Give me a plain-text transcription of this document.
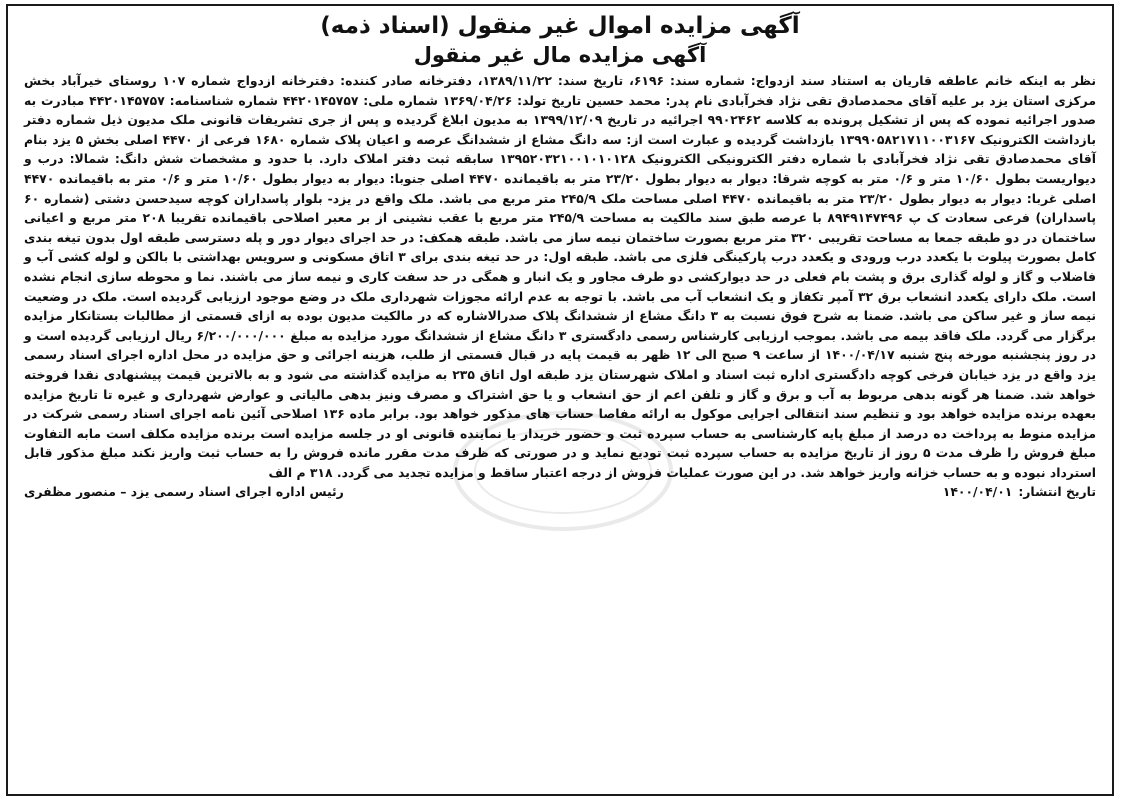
آگهی مزایده اموال غیر منقول (اسناد ذمه)
آگهی مزایده مال غیر منقول

نظر به اینکه خانم عاطفه قاریان به استناد سند ازدواج: شماره سند: ۶۱۹۶، تاریخ سند: ۱۳۸۹/۱۱/۲۲، دفترخانه صادر کننده: دفترخانه ازدواج شماره ۱۰۷ روستای خیرآباد بخش مرکزی استان یزد بر علیه آقای محمدصادق تقی نژاد فخرآبادی نام پدر: محمد حسین تاریخ تولد: ۱۳۶۹/۰۴/۲۶ شماره ملی: ۴۴۲۰۱۴۵۷۵۷ شماره شناسنامه: ۴۴۲۰۱۴۵۷۵۷ مبادرت به صدور اجرائیه نموده که پس از تشکیل پرونده به کلاسه ۹۹۰۲۴۶۲ اجرائیه در تاریخ ۱۳۹۹/۱۲/۰۹ به مدیون ابلاغ گردیده و پس از جری تشریفات قانونی ملک مدیون ذیل شماره دفتر بازداشت الکترونیک ۱۳۹۹۰۵۸۲۱۷۱۱۰۰۳۱۶۷ بازداشت گردیده و عبارت است از: سه دانگ مشاع از ششدانگ عرصه و اعیان پلاک شماره ۱۶۸۰ فرعی از ۴۴۷۰ اصلی بخش ۵ یزد بنام آقای محمدصادق تقی نژاد فخرآبادی با شماره دفتر الکترونیکی الکترونیک ۱۳۹۵۲۰۳۲۱۰۰۱۰۱۰۱۲۸ سابقه ثبت دفتر املاک دارد. با حدود و مشخصات شش دانگ: شمالا: درب و دیواریست بطول ۱۰/۶۰ متر و ۰/۶ متر به کوچه شرقا: دیوار به دیوار بطول ۲۳/۲۰ متر به باقیمانده ۴۴۷۰ اصلی جنوبا: دیوار به دیوار بطول ۱۰/۶۰ متر و ۰/۶ متر به باقیمانده ۴۴۷۰ اصلی غربا: دیوار به دیوار بطول ۲۳/۲۰ متر به باقیمانده ۴۴۷۰ اصلی مساحت ملک ۲۴۵/۹ متر مربع می باشد. ملک واقع در یزد- بلوار پاسداران کوچه سیدحسن دشتی (شماره ۶۰ پاسداران) فرعی سعادت ک پ ۸۹۴۹۱۴۷۴۹۶ با عرصه طبق سند مالکیت به مساحت ۲۴۵/۹ متر مربع با عقب نشینی از بر معبر اصلاحی باقیمانده تقریبا ۲۰۸ متر مربع و اعیانی ساختمان در دو طبقه جمعا به مساحت تقریبی ۳۲۰ متر مربع بصورت ساختمان نیمه ساز می باشد. طبقه همکف: در حد اجرای دیوار دور و پله دسترسی طبقه اول بدون تیغه بندی کامل بصورت پیلوت با یکعدد درب ورودی و یکعدد درب پارکینگی فلزی می باشد. طبقه اول: در حد تیغه بندی برای ۳ اتاق مسکونی و سرویس بهداشتی با بالکن و لوله کشی آب و فاضلاب و گاز و لوله گذاری برق و پشت بام فعلی در حد دیوارکشی دو طرف مجاور و یک انبار و همگی در حد سفت کاری و نیمه ساز می باشند. نما و محوطه سازی انجام نشده است. ملک دارای یکعدد انشعاب برق ۳۲ آمپر تکفاز و یک انشعاب آب می باشد. با توجه به عدم ارائه مجوزات شهرداری ملک در وضع موجود ارزیابی گردیده است. ملک در وضعیت نیمه ساز و غیر ساکن می باشد. ضمنا به شرح فوق نسبت به ۳ دانگ مشاع از ششدانگ پلاک صدرالاشاره که در مالکیت مدیون بوده به ازای قسمتی از مطالبات بستانکار مزایده برگزار می گردد. ملک فاقد بیمه می باشد. بموجب ارزیابی کارشناس رسمی دادگستری ۳ دانگ مشاع از ششدانگ مورد مزایده به مبلغ ۶/۲۰۰/۰۰۰/۰۰۰ ریال ارزیابی گردیده است و در روز پنجشنبه مورخه پنج شنبه ۱۴۰۰/۰۴/۱۷ از ساعت ۹ صبح الی ۱۲ ظهر به قیمت پایه در قبال قسمتی از طلب، هزینه اجرائی و حق مزایده در محل اداره اجرای اسناد رسمی یزد واقع در یزد خیابان فرخی کوچه دادگستری اداره ثبت اسناد و املاک شهرستان یزد طبقه اول اتاق ۲۳۵ به مزایده گذاشته می شود و به بالاترین قیمت پیشنهادی نقدا فروخته خواهد شد. ضمنا هر گونه بدهی مربوط به آب و برق و گاز و تلفن اعم از حق انشعاب و یا حق اشتراک و مصرف ونیز بدهی مالیاتی و عوارض شهرداری و غیره تا تاریخ مزایده بعهده برنده مزایده خواهد بود و تنظیم سند انتقالی اجرایی موکول به ارائه مفاصا حساب های مذکور خواهد بود. برابر ماده ۱۳۶ اصلاحی آئین نامه اجرای اسناد رسمی شرکت در مزایده منوط به پرداخت ده درصد از مبلغ پایه کارشناسی به حساب سپرده ثبت و حضور خریدار یا نماینده قانونی او در جلسه مزایده است برنده مزایده مکلف است مابه التفاوت مبلغ فروش را ظرف مدت ۵ روز از تاریخ مزایده به حساب سپرده ثبت تودیع نماید و در صورتی که ظرف مدت مقرر مانده فروش را به حساب ثبت واریز نکند مبلغ مذکور قابل استرداد نبوده و به حساب خزانه واریز خواهد شد. در این صورت عملیات فروش از درجه اعتبار ساقط و مزایده تجدید می گردد. ۳۱۸ م الف

تاریخ انتشار:
۱۴۰۰/۰۴/۰۱
رئیس اداره اجرای اسناد رسمی یزد – منصور مظفری
